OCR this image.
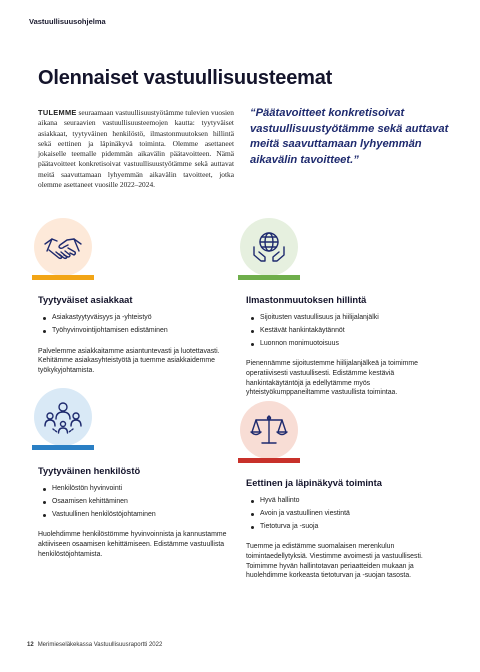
Vastuullisuusohjelma
Olennaiset vastuullisuusteemat
TULEMME seuraamaan vastuullisuustyötämme tulevien vuosien aikana seuraavien vastuullisuusteemojen kautta: tyytyväiset asiakkaat, tyytyväinen henkilöstö, ilmastonmuutoksen hillintä sekä eettinen ja läpinäkyvä toiminta. Olemme asettaneet jokaiselle teemalle pidemmän aikavälin päätavoitteen. Nämä päätavoitteet konkretisoivat vastuullisuustyötämme sekä auttavat meitä saavuttamaan lyhyemmän aikavälin tavoitteet, jotka olemme asettaneet vuosille 2022–2024.
“Päätavoitteet konkretisoivat vastuullisuustyötämme sekä auttavat meitä saavuttamaan lyhyemmän aikavälin tavoitteet.”
Tyytyväiset asiakkaat
Asiakastyytyväisyys ja -yhteistyö
Työhyvinvointijohtamisen edistäminen

Palvelemme asiakkaitamme asiantuntevasti ja luotettavasti. Kehitämme asiakasyhteistyötä ja tuemme asiakkaidemme työkykyjohtamista.

Ilmastonmuutoksen hillintä
Sijoitusten vastuullisuus ja hiilijalanjälki
Kestävät hankintakäytännöt
Luonnon monimuotoisuus

Pienennämme sijoitustemme hiilijalanjälkeä ja toimimme operatiivisesti vastuullisesti. Edistämme kestäviä hankintakäytäntöjä ja edellytämme myös yhteistyökumppaneiltamme vastuullista toimintaa.

Tyytyväinen henkilöstö
Henkilöstön hyvinvointi
Osaamisen kehittäminen
Vastuullinen henkilöstöjohtaminen

Huolehdimme henkilöstömme hyvinvoinnista ja kannustamme aktiiviseen osaamisen kehittämiseen. Edistämme vastuullista henkilöstöjohtamista.

Eettinen ja läpinäkyvä toiminta
Hyvä hallinto
Avoin ja vastuullinen viestintä
Tietoturva ja -suoja

Tuemme ja edistämme suomalaisen merenkulun toimintaedellytyksiä. Viestimme avoimesti ja vastuullisesti. Toimimme hyvän hallintotavan periaatteiden mukaan ja huolehdimme korkeasta tietoturvan ja -suojan tasosta.

12 Merimieseläkekassa Vastuullisuusraportti 2022
